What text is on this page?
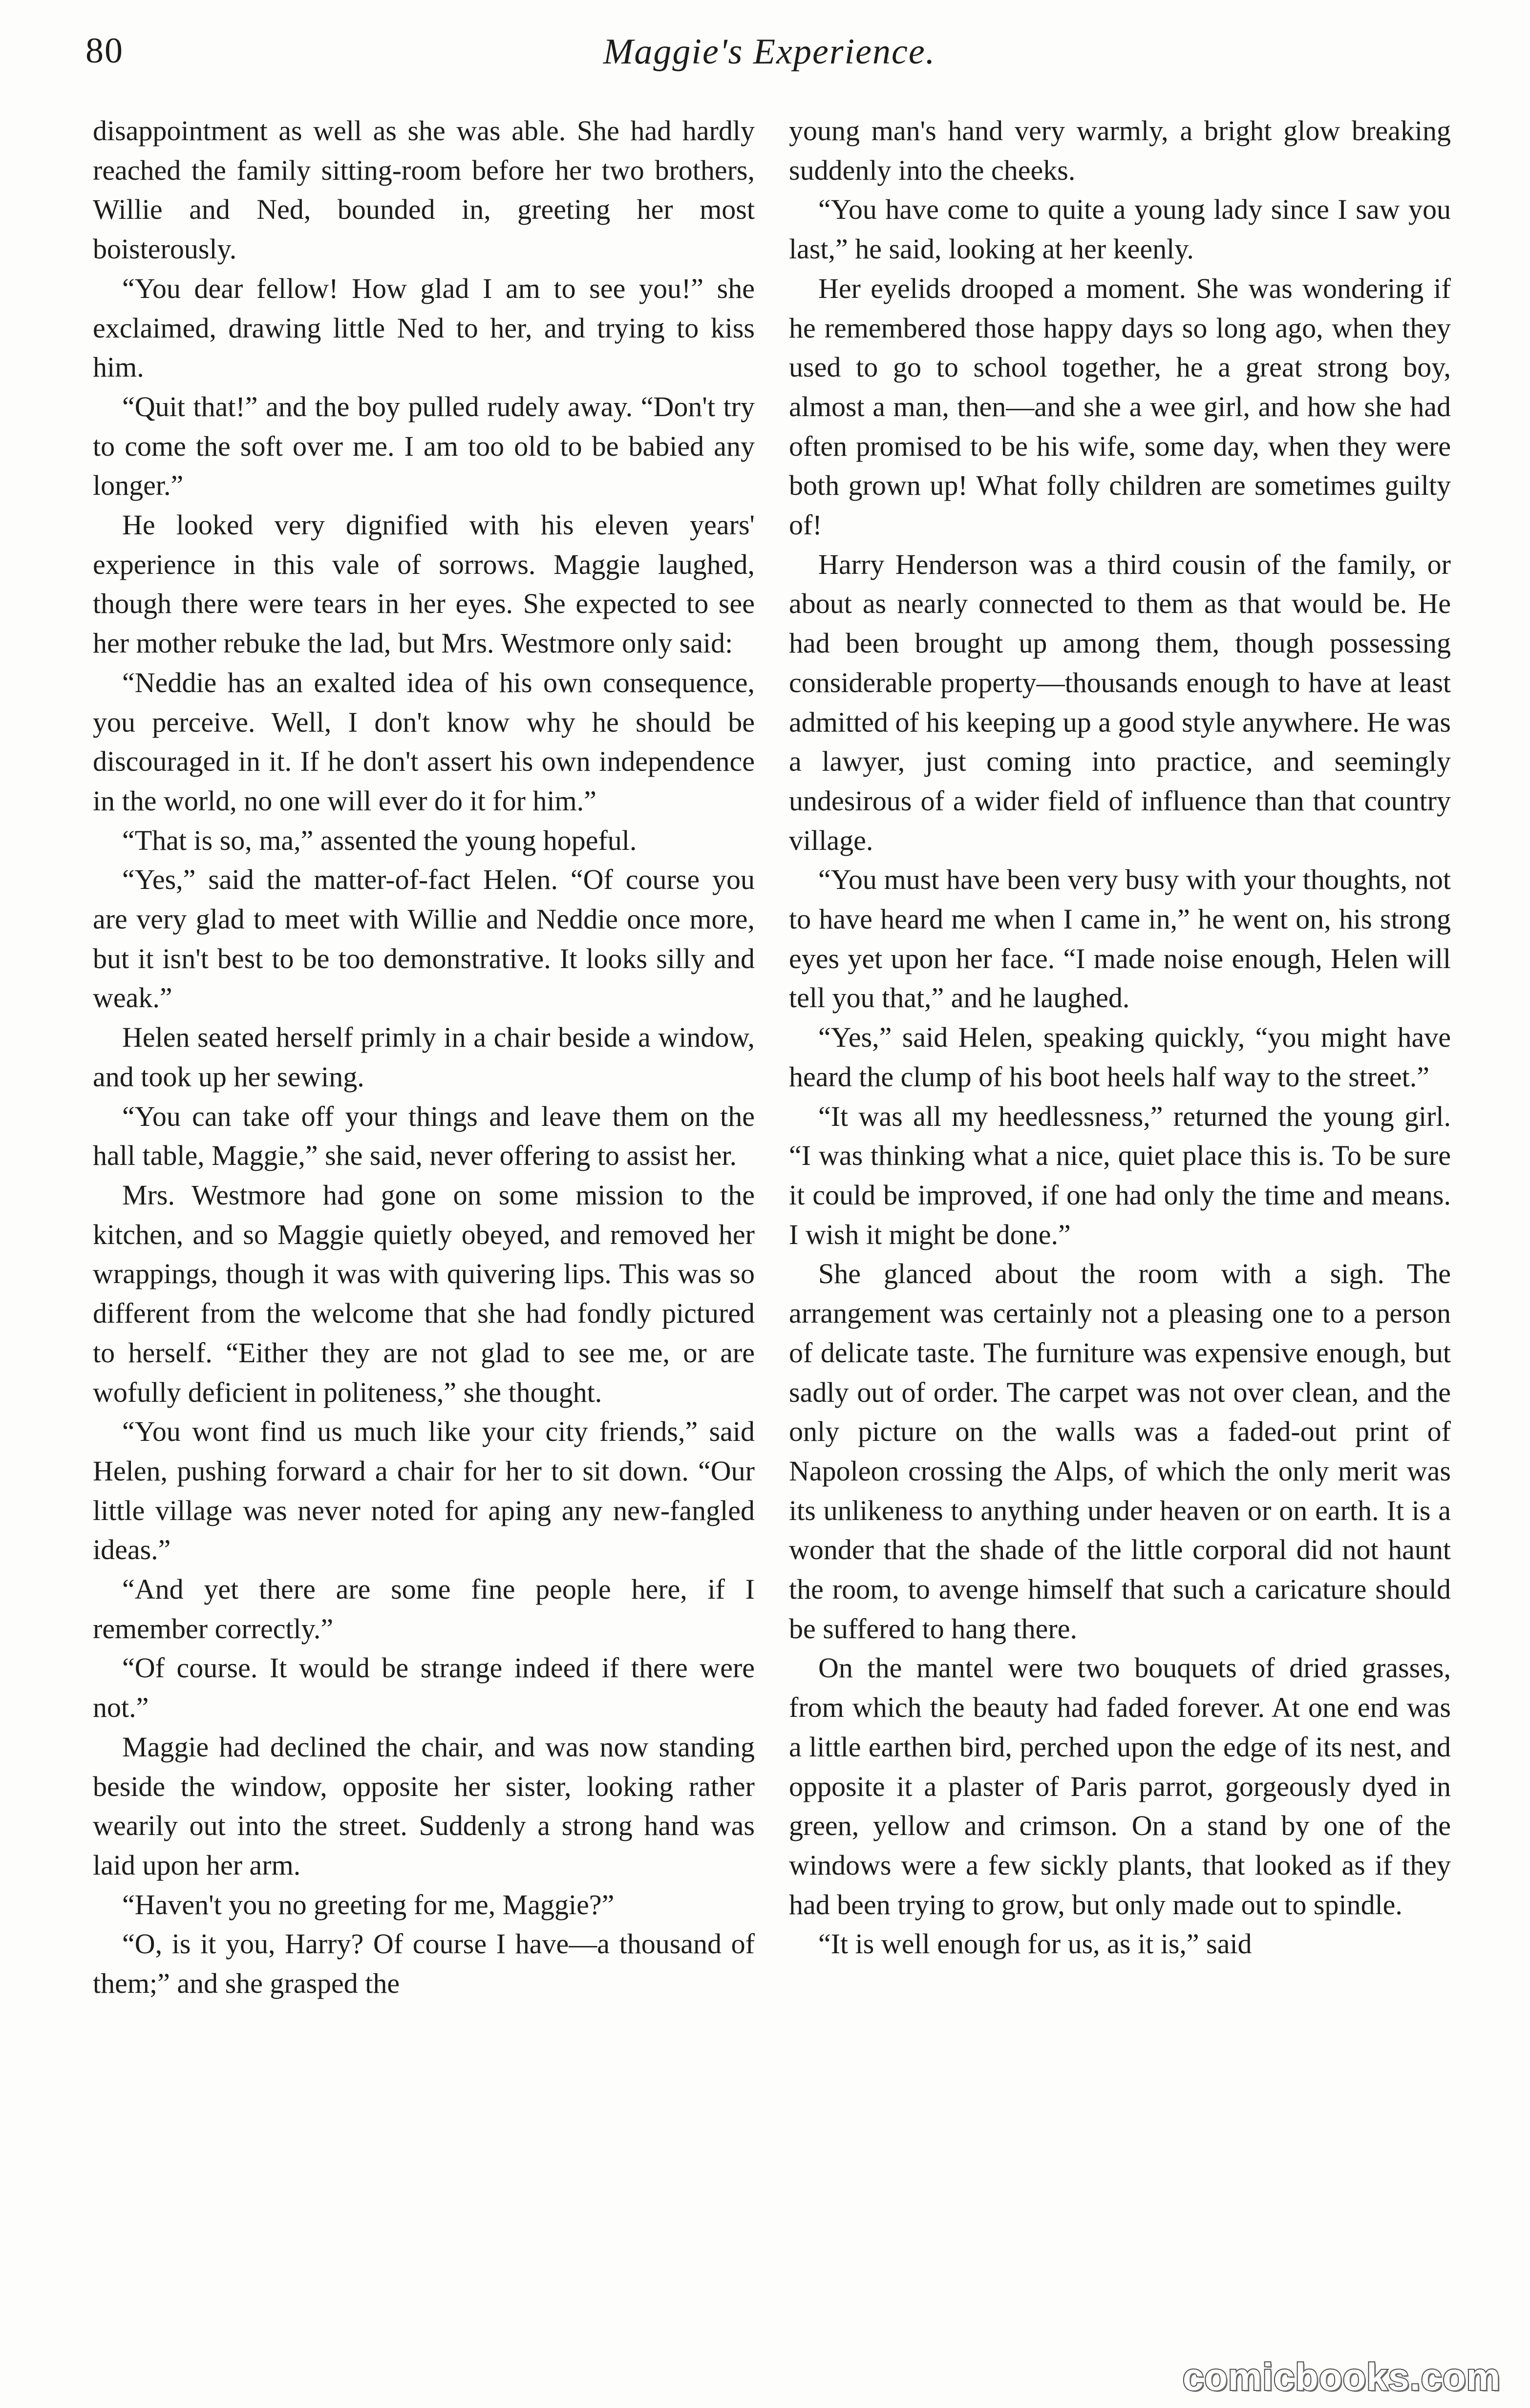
80	Maggie's Experience.

disappointment as well as she was able. She had hardly reached the family sitting-room before her two brothers, Willie and Ned, bounded in, greeting her most boisterously.

“You dear fellow! How glad I am to see you!” she exclaimed, drawing little Ned to her, and trying to kiss him.

“Quit that!” and the boy pulled rudely away. “Don't try to come the soft over me. I am too old to be babied any longer.”

He looked very dignified with his eleven years' experience in this vale of sorrows. Maggie laughed, though there were tears in her eyes. She expected to see her mother rebuke the lad, but Mrs. Westmore only said:

“Neddie has an exalted idea of his own consequence, you perceive. Well, I don't know why he should be discouraged in it. If he don't assert his own independence in the world, no one will ever do it for him.”

“That is so, ma,” assented the young hopeful.

“Yes,” said the matter-of-fact Helen. “Of course you are very glad to meet with Willie and Neddie once more, but it isn't best to be too demonstrative. It looks silly and weak.”

Helen seated herself primly in a chair beside a window, and took up her sewing.

“You can take off your things and leave them on the hall table, Maggie,” she said, never offering to assist her.

Mrs. Westmore had gone on some mission to the kitchen, and so Maggie quietly obeyed, and removed her wrappings, though it was with quivering lips. This was so different from the welcome that she had fondly pictured to herself. “Either they are not glad to see me, or are wofully deficient in politeness,” she thought.

“You wont find us much like your city friends,” said Helen, pushing forward a chair for her to sit down. “Our little village was never noted for aping any new-fangled ideas.”

“And yet there are some fine people here, if I remember correctly.”

“Of course. It would be strange indeed if there were not.”

Maggie had declined the chair, and was now standing beside the window, opposite her sister, looking rather wearily out into the street. Suddenly a strong hand was laid upon her arm.

“Haven't you no greeting for me, Maggie?”

“O, is it you, Harry? Of course I have—a thousand of them;” and she grasped the

young man's hand very warmly, a bright glow breaking suddenly into the cheeks.

“You have come to quite a young lady since I saw you last,” he said, looking at her keenly.

Her eyelids drooped a moment. She was wondering if he remembered those happy days so long ago, when they used to go to school together, he a great strong boy, almost a man, then—and she a wee girl, and how she had often promised to be his wife, some day, when they were both grown up! What folly children are sometimes guilty of!

Harry Henderson was a third cousin of the family, or about as nearly connected to them as that would be. He had been brought up among them, though possessing considerable property—thousands enough to have at least admitted of his keeping up a good style anywhere. He was a lawyer, just coming into practice, and seemingly undesirous of a wider field of influence than that country village.

“You must have been very busy with your thoughts, not to have heard me when I came in,” he went on, his strong eyes yet upon her face. “I made noise enough, Helen will tell you that,” and he laughed.

“Yes,” said Helen, speaking quickly, “you might have heard the clump of his boot heels half way to the street.”

“It was all my heedlessness,” returned the young girl. “I was thinking what a nice, quiet place this is. To be sure it could be improved, if one had only the time and means. I wish it might be done.”

She glanced about the room with a sigh. The arrangement was certainly not a pleasing one to a person of delicate taste. The furniture was expensive enough, but sadly out of order. The carpet was not over clean, and the only picture on the walls was a faded-out print of Napoleon crossing the Alps, of which the only merit was its unlikeness to anything under heaven or on earth. It is a wonder that the shade of the little corporal did not haunt the room, to avenge himself that such a caricature should be suffered to hang there.

On the mantel were two bouquets of dried grasses, from which the beauty had faded forever. At one end was a little earthen bird, perched upon the edge of its nest, and opposite it a plaster of Paris parrot, gorgeously dyed in green, yellow and crimson. On a stand by one of the windows were a few sickly plants, that looked as if they had been trying to grow, but only made out to spindle.

“It is well enough for us, as it is,” said

comicbooks.com
